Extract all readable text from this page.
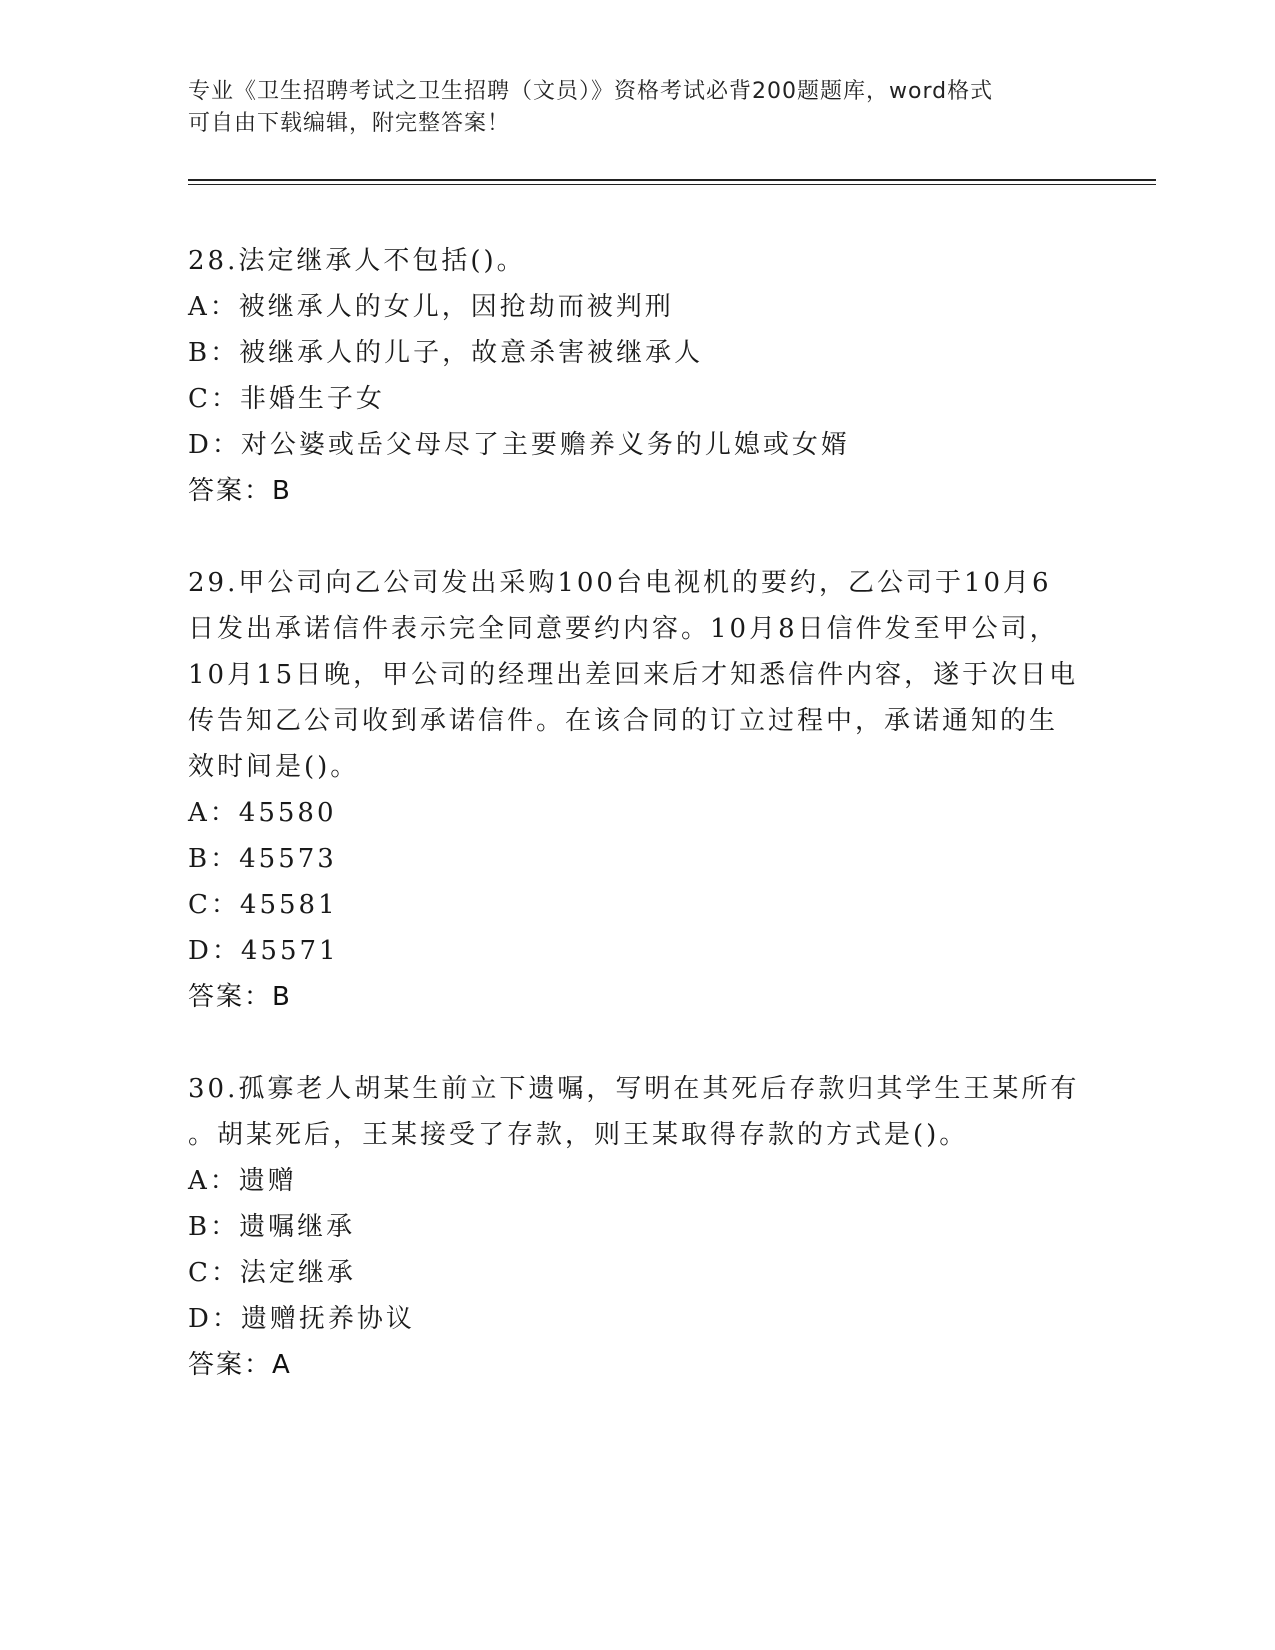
专业《卫生招聘考试之卫生招聘（文员）》资格考试必背200题题库，word格式
可自由下载编辑，附完整答案！
28.法定继承人不包括()。
A：被继承人的女儿，因抢劫而被判刑
B：被继承人的儿子，故意杀害被继承人
C：非婚生子女
D：对公婆或岳父母尽了主要赡养义务的儿媳或女婿
答案：B
29.甲公司向乙公司发出采购100台电视机的要约，乙公司于10月6
日发出承诺信件表示完全同意要约内容。10月8日信件发至甲公司，
10月15日晚，甲公司的经理出差回来后才知悉信件内容，遂于次日电
传告知乙公司收到承诺信件。在该合同的订立过程中，承诺通知的生
效时间是()。
A：45580
B：45573
C：45581
D：45571
答案：B
30.孤寡老人胡某生前立下遗嘱，写明在其死后存款归其学生王某所有
。胡某死后，王某接受了存款，则王某取得存款的方式是()。
A：遗赠
B：遗嘱继承
C：法定继承
D：遗赠抚养协议
答案：A
